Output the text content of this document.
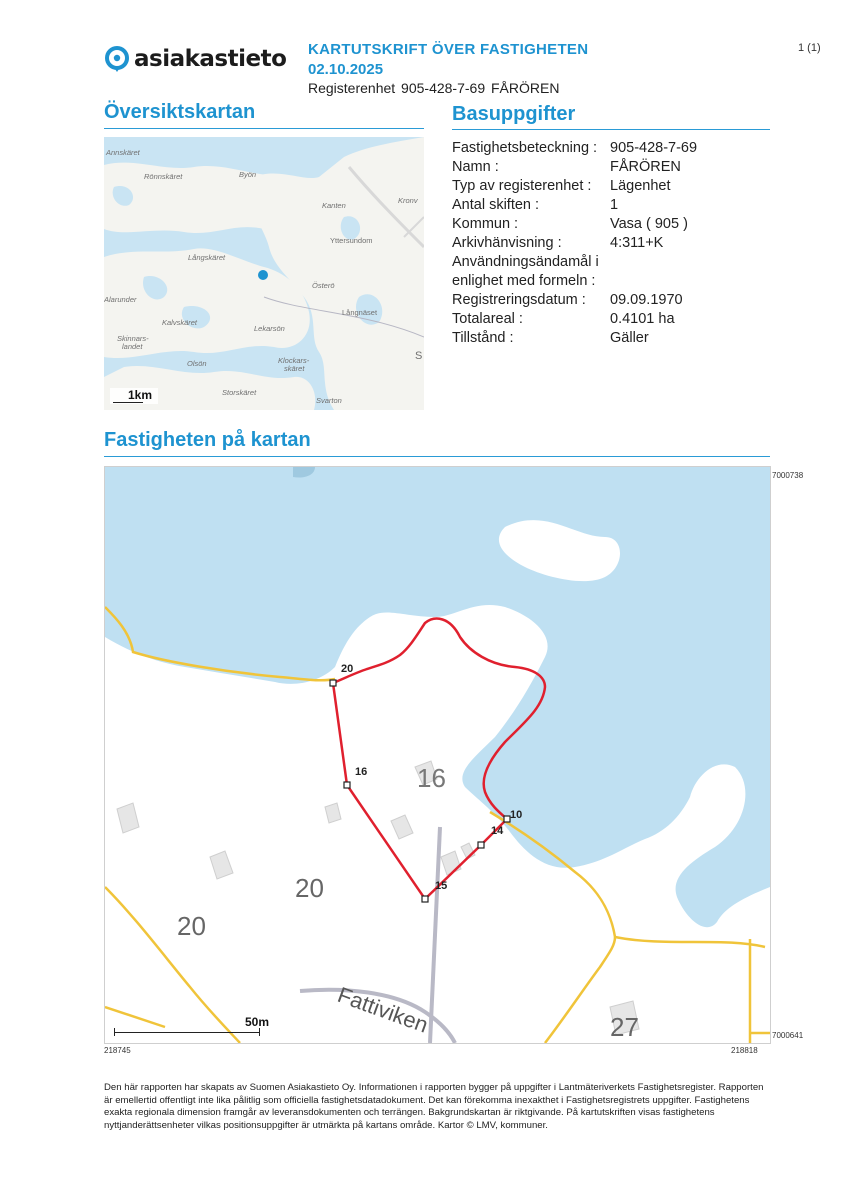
asiakastieto KARTUTSKRIFT ÖVER FASTIGHETEN
02.10.2025
Registerenhet 905-428-7-69 FÅRÖREN
1 (1)
Översiktskartan	Basuppgifter
Annskäret
Rönnskäret	Byön
Kanten
Kronv
Yttersundom
Långskäret
Österö
Alarunder
Långnäset
Kalvskäret
Lekarsön
Skinnars-
landet
Olsön	Klockars-
skäret
Storskäret
Svarton
S
1km
Fastighetsbeteckning : 905-428-7-69
Namn :	FÅRÖREN
Typ av registerenhet :	Lägenhet
Antal skiften :	1
Kommun :	Vasa ( 905 )
Arkivhänvisning :	4:311+K
Användningsändamål i
enlighet med formeln :
Registreringsdatum :	09.09.1970
Totalareal :	0.4101 ha
Tillstånd :	Gäller
Fastigheten på kartan
20
16
15
14
10
16
20
20
27
Fattiviken
50m
7000738
7000641
218745	218818
Den här rapporten har skapats av Suomen Asiakastieto Oy. Informationen i rapporten bygger på uppgifter i Lantmäteriverkets Fastighetsregister. Rapporten är emellertid offentligt inte lika pålitlig som officiella fastighetsdatadokument. Det kan förekomma inexakthet i Fastighetsregistrets uppgifter. Fastighetens exakta regionala dimension framgår av leveransdokumenten och terrängen. Bakgrundskartan är riktgivande. På kartutskriften visas fastighetens nyttjanderättsenheter vilkas positionsuppgifter är utmärkta på kartans område. Kartor © LMV, kommuner.
